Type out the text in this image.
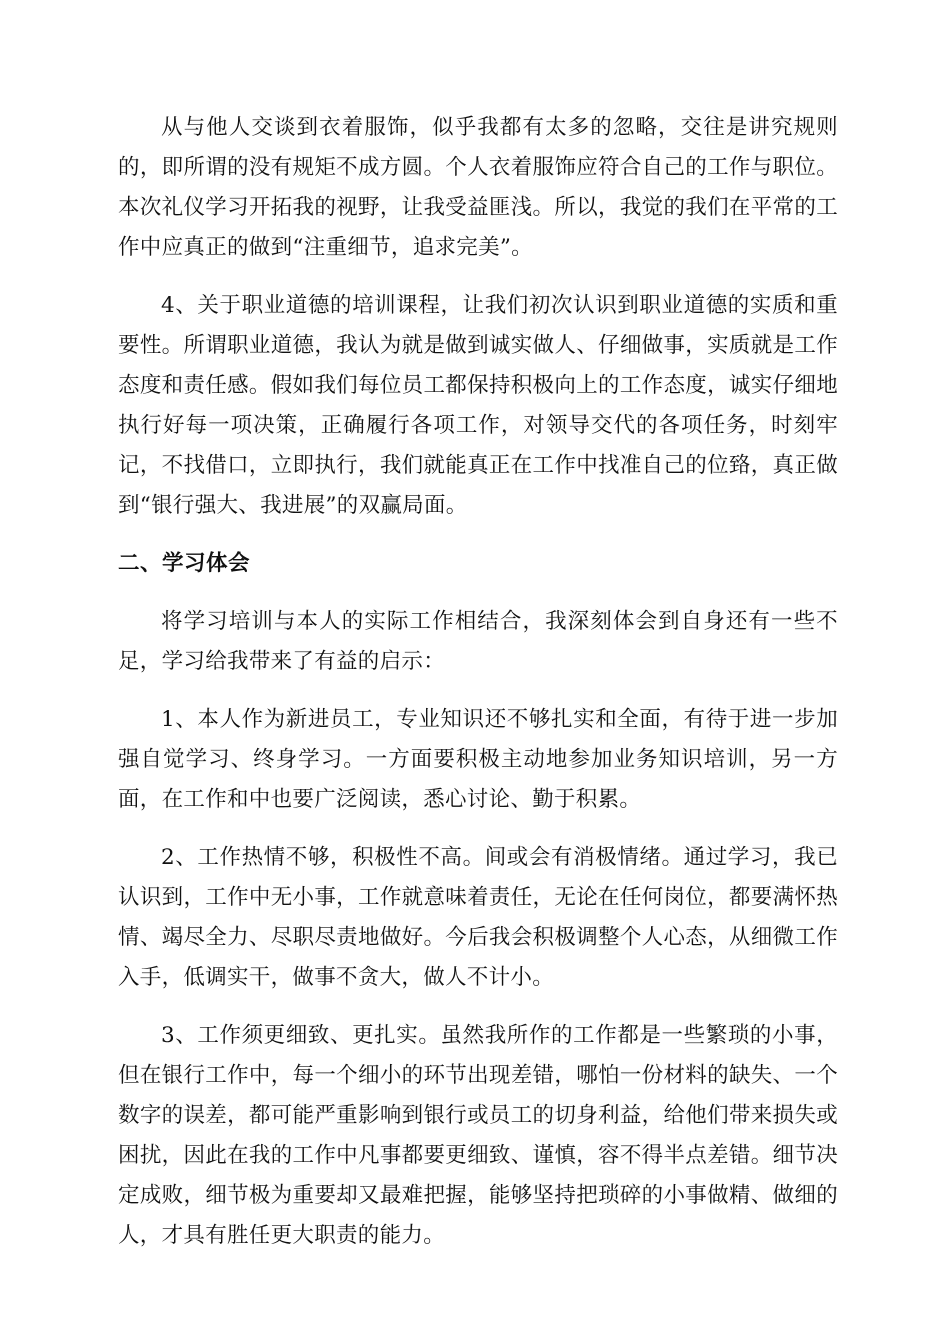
从与他人交谈到衣着服饰，似乎我都有太多的忽略，交往是讲究规则的，即所谓的没有规矩不成方圆。个人衣着服饰应符合自己的工作与职位。本次礼仪学习开拓我的视野，让我受益匪浅。所以，我觉的我们在平常的工作中应真正的做到“注重细节，追求完美”。

4、关于职业道德的培训课程，让我们初次认识到职业道德的实质和重要性。所谓职业道德，我认为就是做到诚实做人、仔细做事，实质就是工作态度和责任感。假如我们每位员工都保持积极向上的工作态度，诚实仔细地执行好每一项决策，正确履行各项工作，对领导交代的各项任务，时刻牢记，不找借口，立即执行，我们就能真正在工作中找准自己的位臵，真正做到“银行强大、我进展”的双赢局面。

二、学习体会

将学习培训与本人的实际工作相结合，我深刻体会到自身还有一些不足，学习给我带来了有益的启示：

1、本人作为新进员工，专业知识还不够扎实和全面，有待于进一步加强自觉学习、终身学习。一方面要积极主动地参加业务知识培训，另一方面，在工作和中也要广泛阅读，悉心讨论、勤于积累。

2、工作热情不够，积极性不高。间或会有消极情绪。通过学习，我已认识到，工作中无小事，工作就意味着责任，无论在任何岗位，都要满怀热情、竭尽全力、尽职尽责地做好。今后我会积极调整个人心态，从细微工作入手，低调实干，做事不贪大，做人不计小。

3、工作须更细致、更扎实。虽然我所作的工作都是一些繁琐的小事，但在银行工作中，每一个细小的环节出现差错，哪怕一份材料的缺失、一个数字的误差，都可能严重影响到银行或员工的切身利益，给他们带来损失或困扰，因此在我的工作中凡事都要更细致、谨慎，容不得半点差错。细节决定成败，细节极为重要却又最难把握，能够坚持把琐碎的小事做精、做细的人，才具有胜任更大职责的能力。
